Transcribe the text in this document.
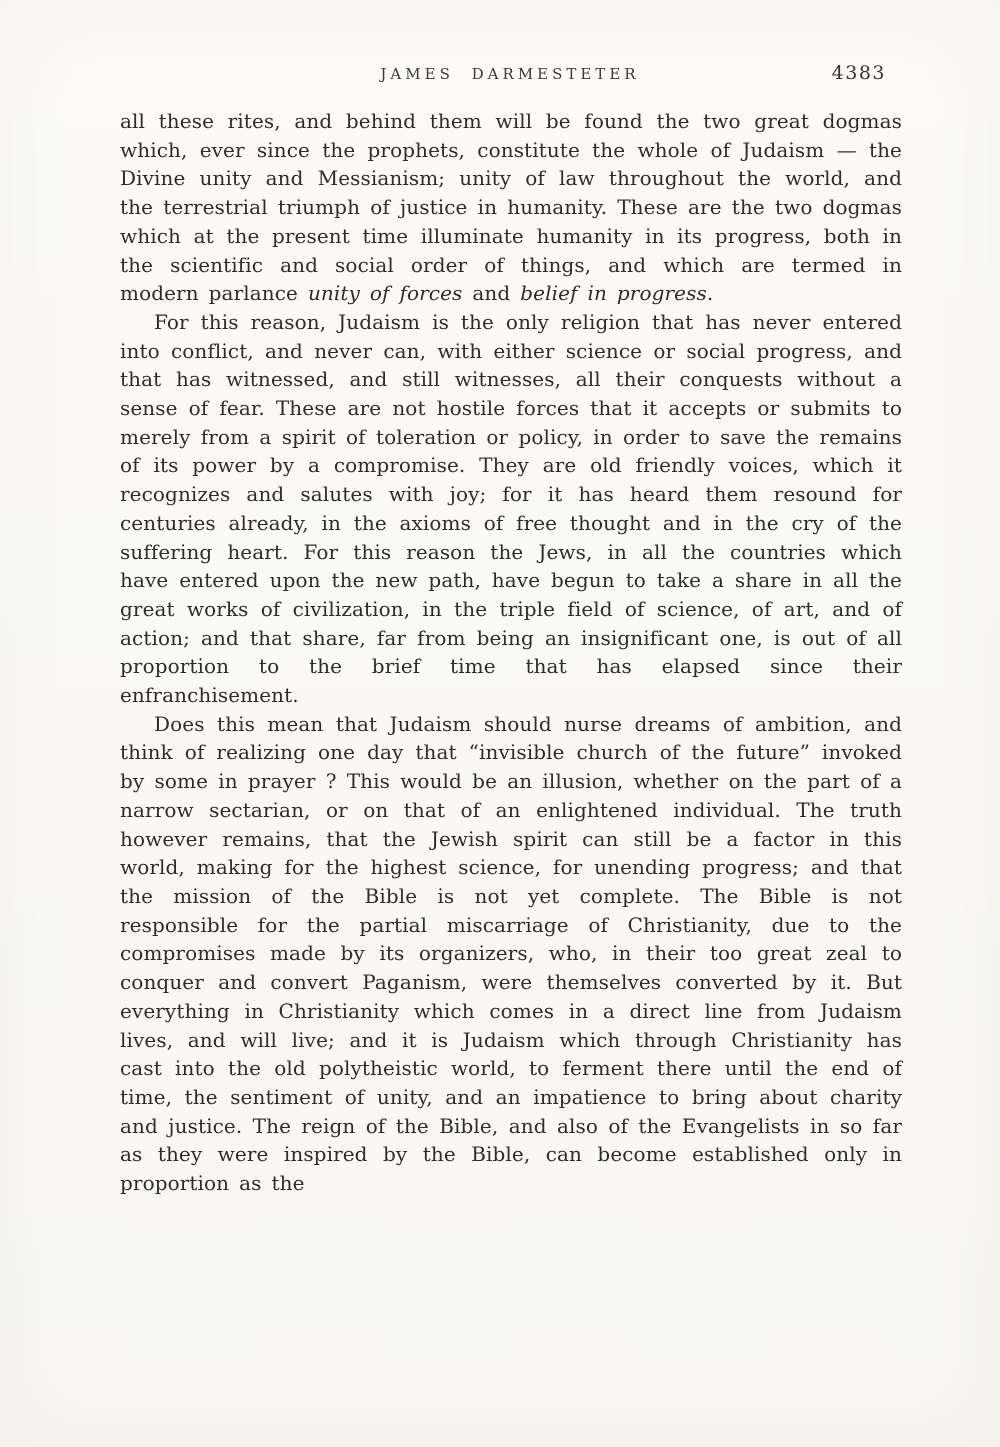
JAMES DARMESTETER	4383

all these rites, and behind them will be found the two great dogmas which, ever since the prophets, constitute the whole of Judaism — the Divine unity and Messianism; unity of law throughout the world, and the terrestrial triumph of justice in humanity. These are the two dogmas which at the present time illuminate humanity in its progress, both in the scientific and social order of things, and which are termed in modern parlance unity of forces and belief in progress.

For this reason, Judaism is the only religion that has never entered into conflict, and never can, with either science or social progress, and that has witnessed, and still witnesses, all their conquests without a sense of fear. These are not hostile forces that it accepts or submits to merely from a spirit of toleration or policy, in order to save the remains of its power by a compromise. They are old friendly voices, which it recognizes and salutes with joy; for it has heard them resound for centuries already, in the axioms of free thought and in the cry of the suffering heart. For this reason the Jews, in all the countries which have entered upon the new path, have begun to take a share in all the great works of civilization, in the triple field of science, of art, and of action; and that share, far from being an insignificant one, is out of all proportion to the brief time that has elapsed since their enfranchisement.

Does this mean that Judaism should nurse dreams of ambition, and think of realizing one day that “invisible church of the future” invoked by some in prayer ? This would be an illusion, whether on the part of a narrow sectarian, or on that of an enlightened individual. The truth however remains, that the Jewish spirit can still be a factor in this world, making for the highest science, for unending progress; and that the mission of the Bible is not yet complete. The Bible is not responsible for the partial miscarriage of Christianity, due to the compromises made by its organizers, who, in their too great zeal to conquer and convert Paganism, were themselves converted by it. But everything in Christianity which comes in a direct line from Judaism lives, and will live; and it is Judaism which through Christianity has cast into the old polytheistic world, to ferment there until the end of time, the sentiment of unity, and an impatience to bring about charity and justice. The reign of the Bible, and also of the Evangelists in so far as they were inspired by the Bible, can become established only in proportion as the
